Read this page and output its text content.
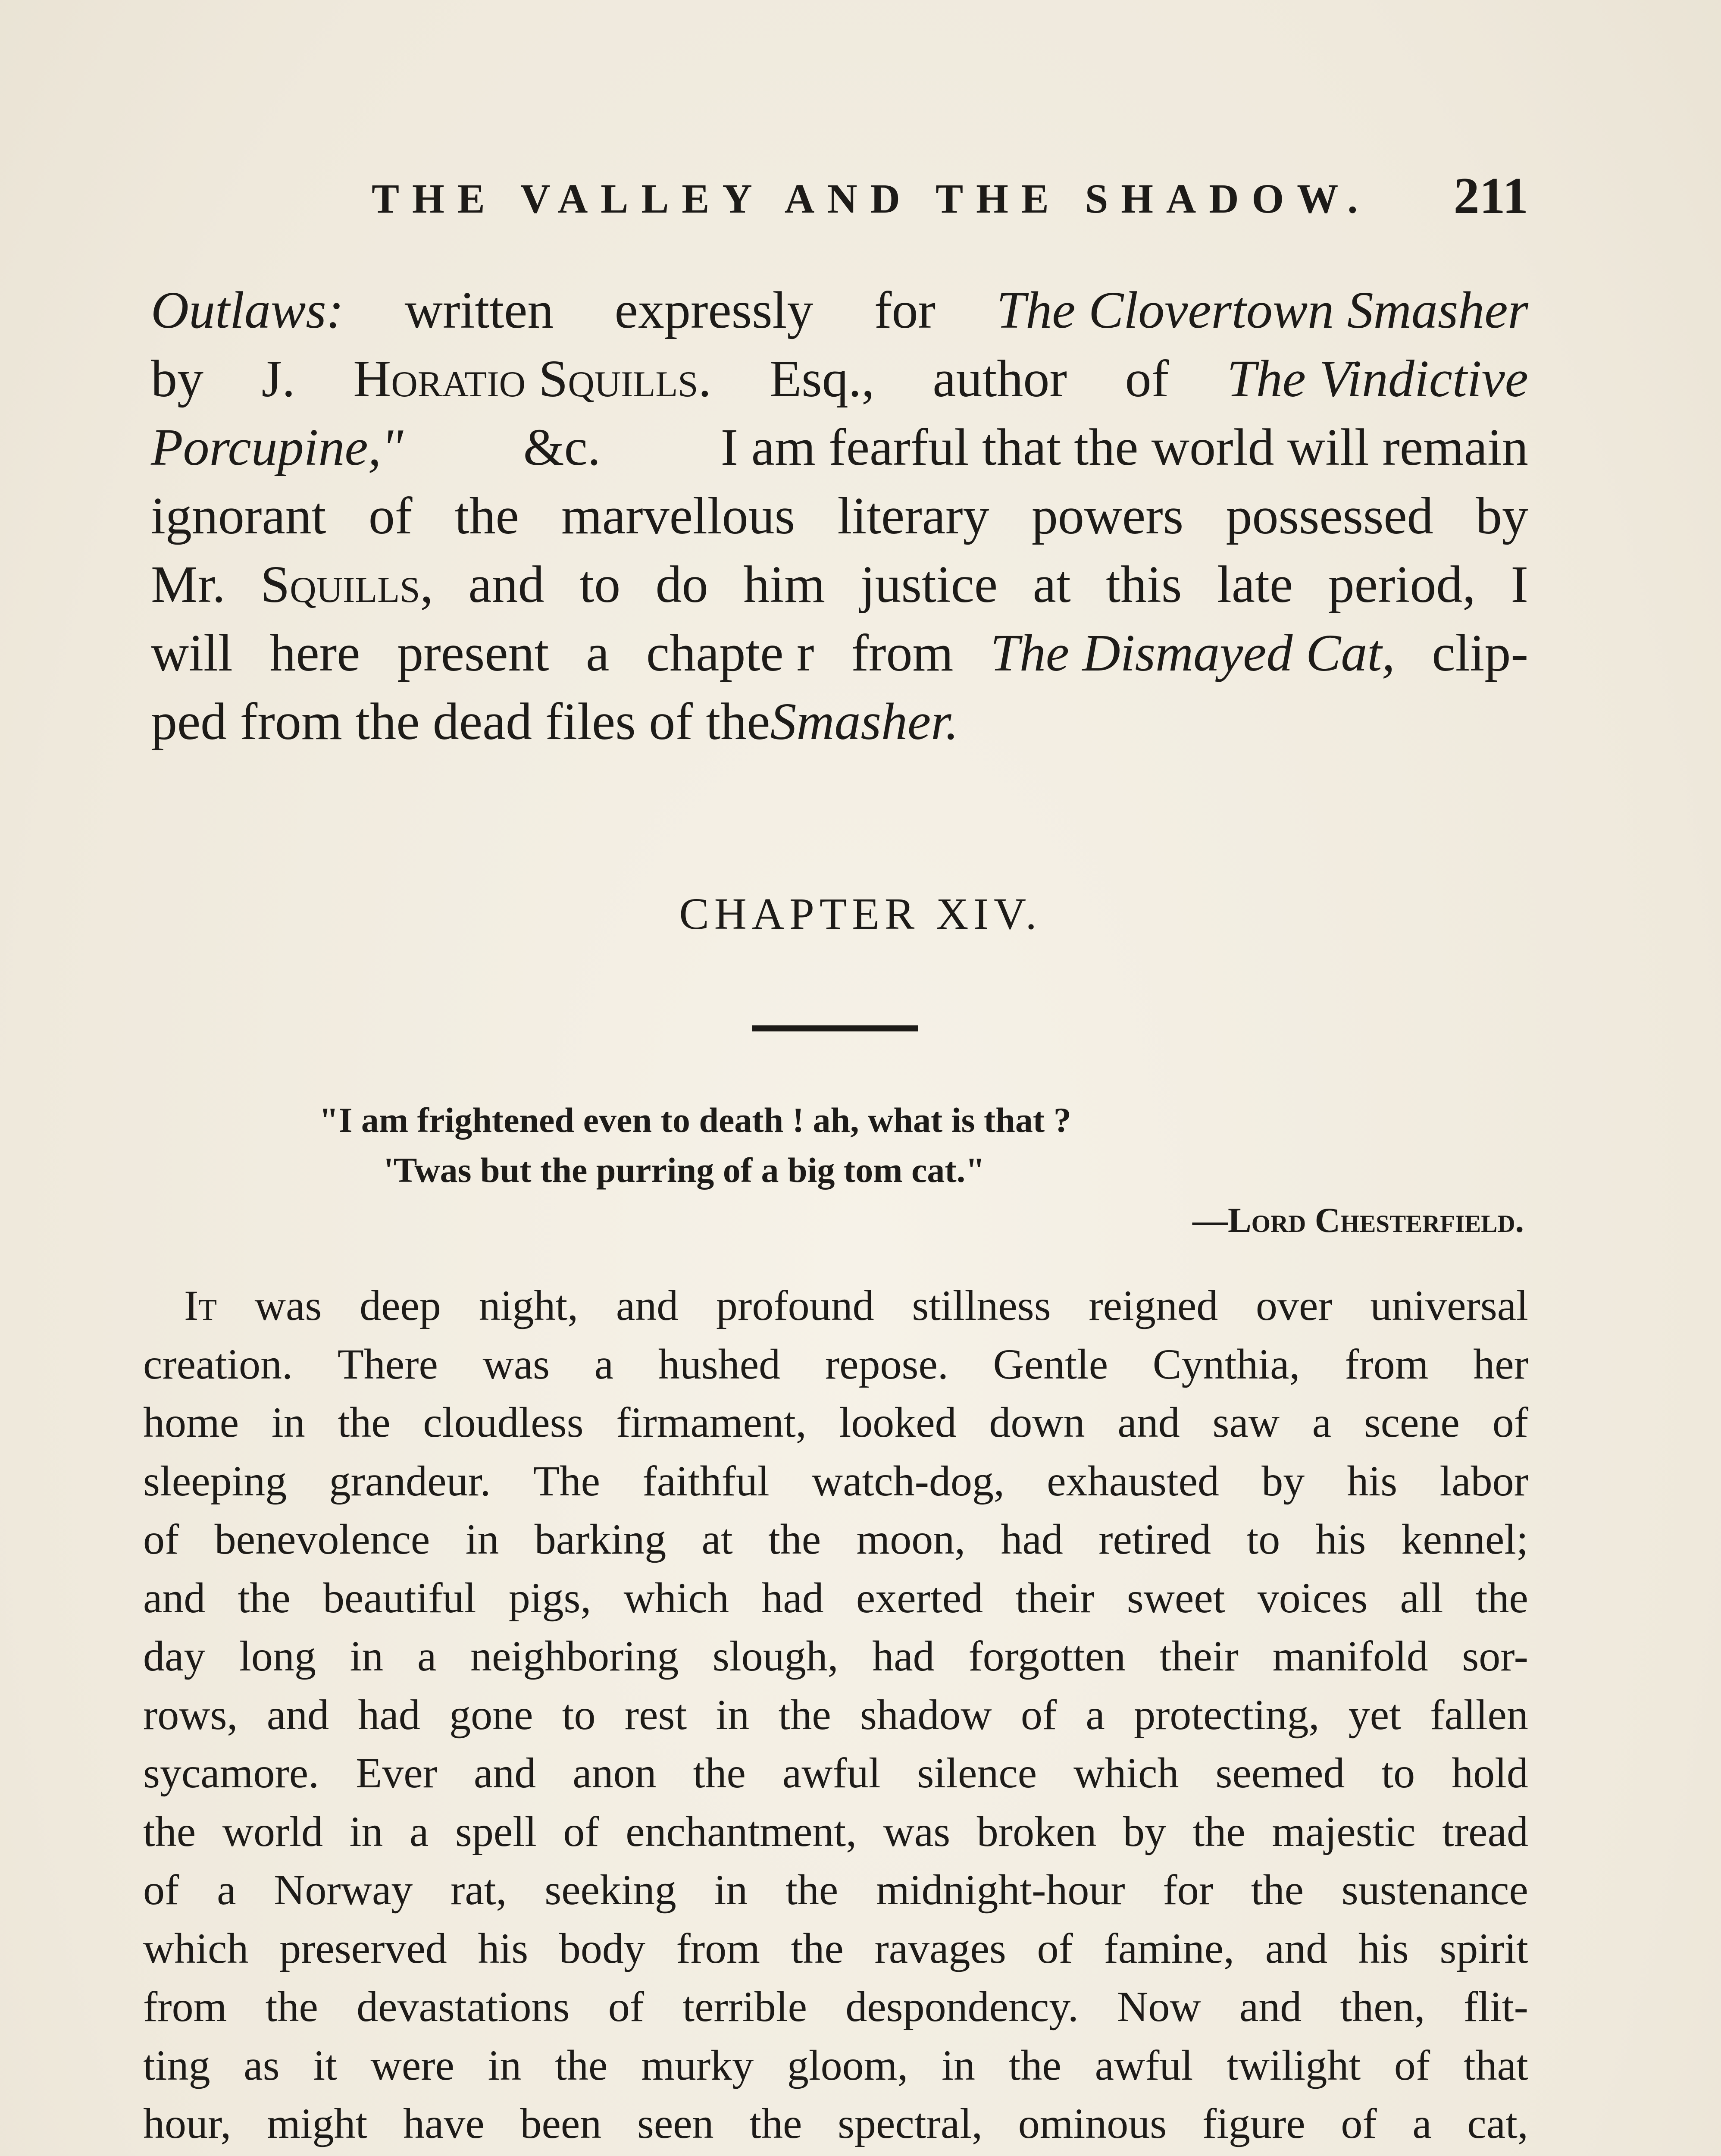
THE VALLEY AND THE SHADOW. 211
Outlaws: written expressly for The Clovertown Smasher
by J. Horatio Squills. Esq., author of The Vindictive
Porcupine," &c. I am fearful that the world will remain
ignorant of the marvellous literary powers possessed by
Mr. Squills, and to do him justice at this late period, I
will here present a chapte r from The Dismayed Cat, clip-
ped from the dead files of the Smasher.
CHAPTER XIV.
"I am frightened even to death ! ah, what is that ?
'Twas but the purring of a big tom cat."
—Lord Chesterfield.
It was deep night, and profound stillness reigned over universal
creation. There was a hushed repose. Gentle Cynthia, from her
home in the cloudless firmament, looked down and saw a scene of
sleeping grandeur. The faithful watch-dog, exhausted by his labor
of benevolence in barking at the moon, had retired to his kennel;
and the beautiful pigs, which had exerted their sweet voices all the
day long in a neighboring slough, had forgotten their manifold sor-
rows, and had gone to rest in the shadow of a protecting, yet fallen
sycamore. Ever and anon the awful silence which seemed to hold
the world in a spell of enchantment, was broken by the majestic tread
of a Norway rat, seeking in the midnight-hour for the sustenance
which preserved his body from the ravages of famine, and his spirit
from the devastations of terrible despondency. Now and then, flit-
ting as it were in the murky gloom, in the awful twilight of that
hour, might have been seen the spectral, ominous figure of a cat,
